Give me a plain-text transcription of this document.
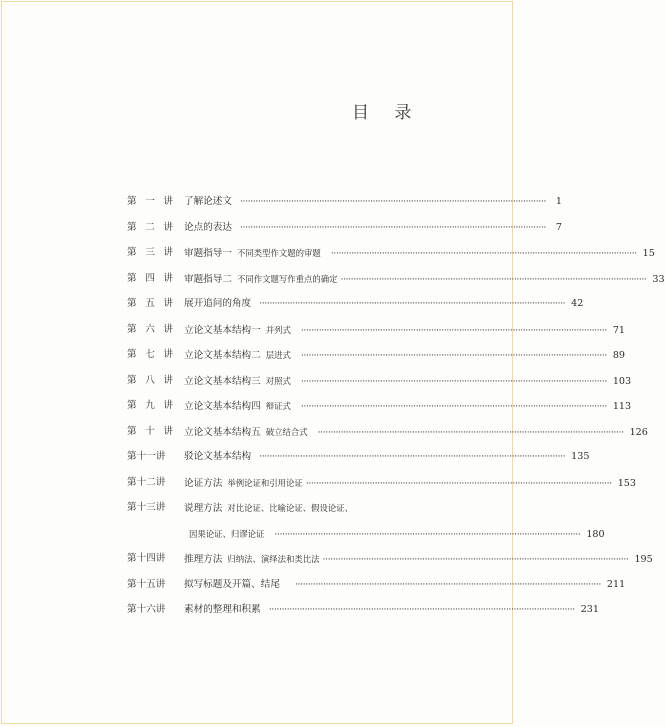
目 录
第 一 讲 了解论述文 ························································································································	1
第 二 讲 论点的表达 ························································································································	7
第 三 讲 审题指导一 不同类型作文题的审题 ························································································································ 15
第 四 讲 审题指导二 不同作文题写作重点的确定 ························································································································ 33
第 五 讲 展开追问的角度 ························································································································ 42
第 六 讲 立论文基本结构一 并列式 ························································································································ 71
第 七 讲 立论文基本结构二 层进式 ························································································································ 89
第 八 讲 立论文基本结构三 对照式 ························································································································ 103
第 九 讲 立论文基本结构四 辩证式 ························································································································ 113
第 十 讲 立论文基本结构五 破立结合式 ························································································································ 126
第 十 一 讲 驳论文基本结构 ························································································································ 135
第 十 二 讲 论证方法 举例论证和引用论证 ························································································································ 153
第 十 三 讲 说理方法 对比论证、比喻论证、假设论证、
因果论证、归谬论证 ························································································································ 180
第 十 四 讲 推理方法 归纳法、演绎法和类比法 ························································································································ 195
第 十 五 讲 拟写标题及开篇、结尾 ························································································································ 211
第 十 六 讲 素材的整理和积累 ························································································································ 231
